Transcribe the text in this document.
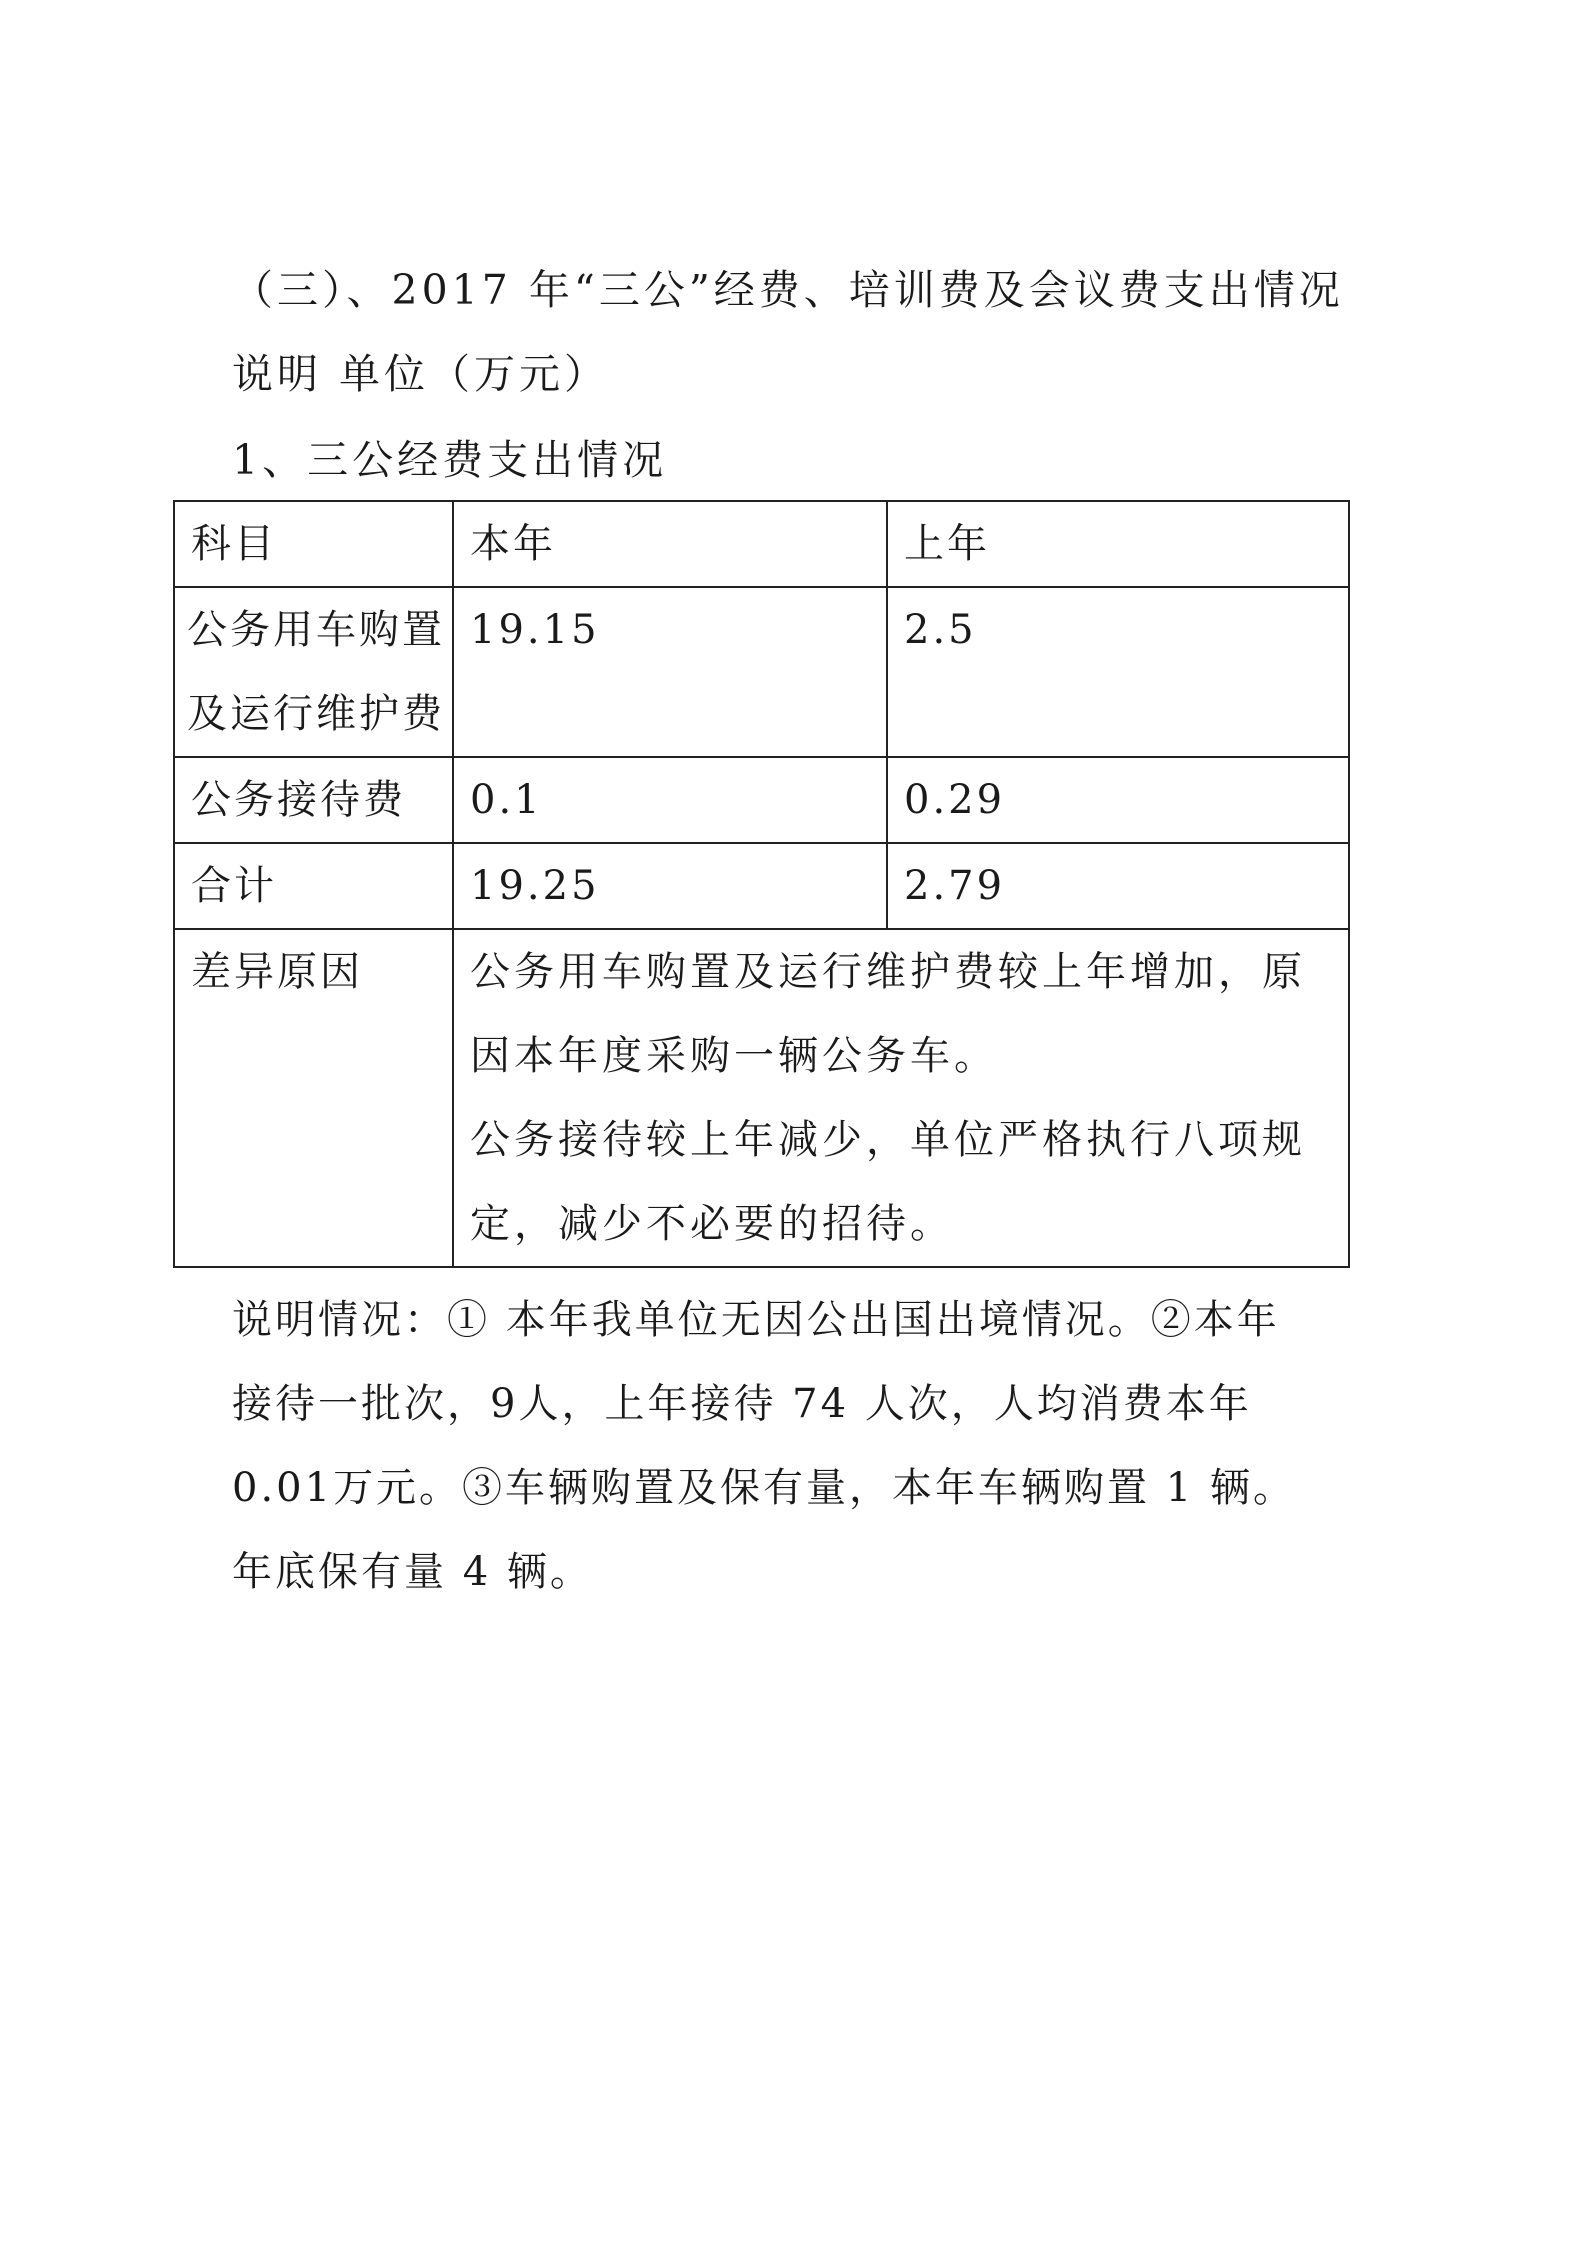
（三）、2017 年“三公”经费、培训费及会议费支出情况
说明 单位（万元）
1、三公经费支出情况
科目	本年	上年

公务用车购置
及运行维护费	19.15	2.5
公务接待费	0.1	0.29
合计	19.25	2.79
差异原因	公务用车购置及运行维护费较上年增加，原因本年度采购一辆公务车。
公务接待较上年减少，单位严格执行八项规定，减少不必要的招待。	
说明情况：① 本年我单位无因公出国出境情况。②本年
接待一批次，9人，上年接待 74 人次，人均消费本年
0.01万元。③车辆购置及保有量，本年车辆购置 1 辆。
年底保有量 4 辆。
